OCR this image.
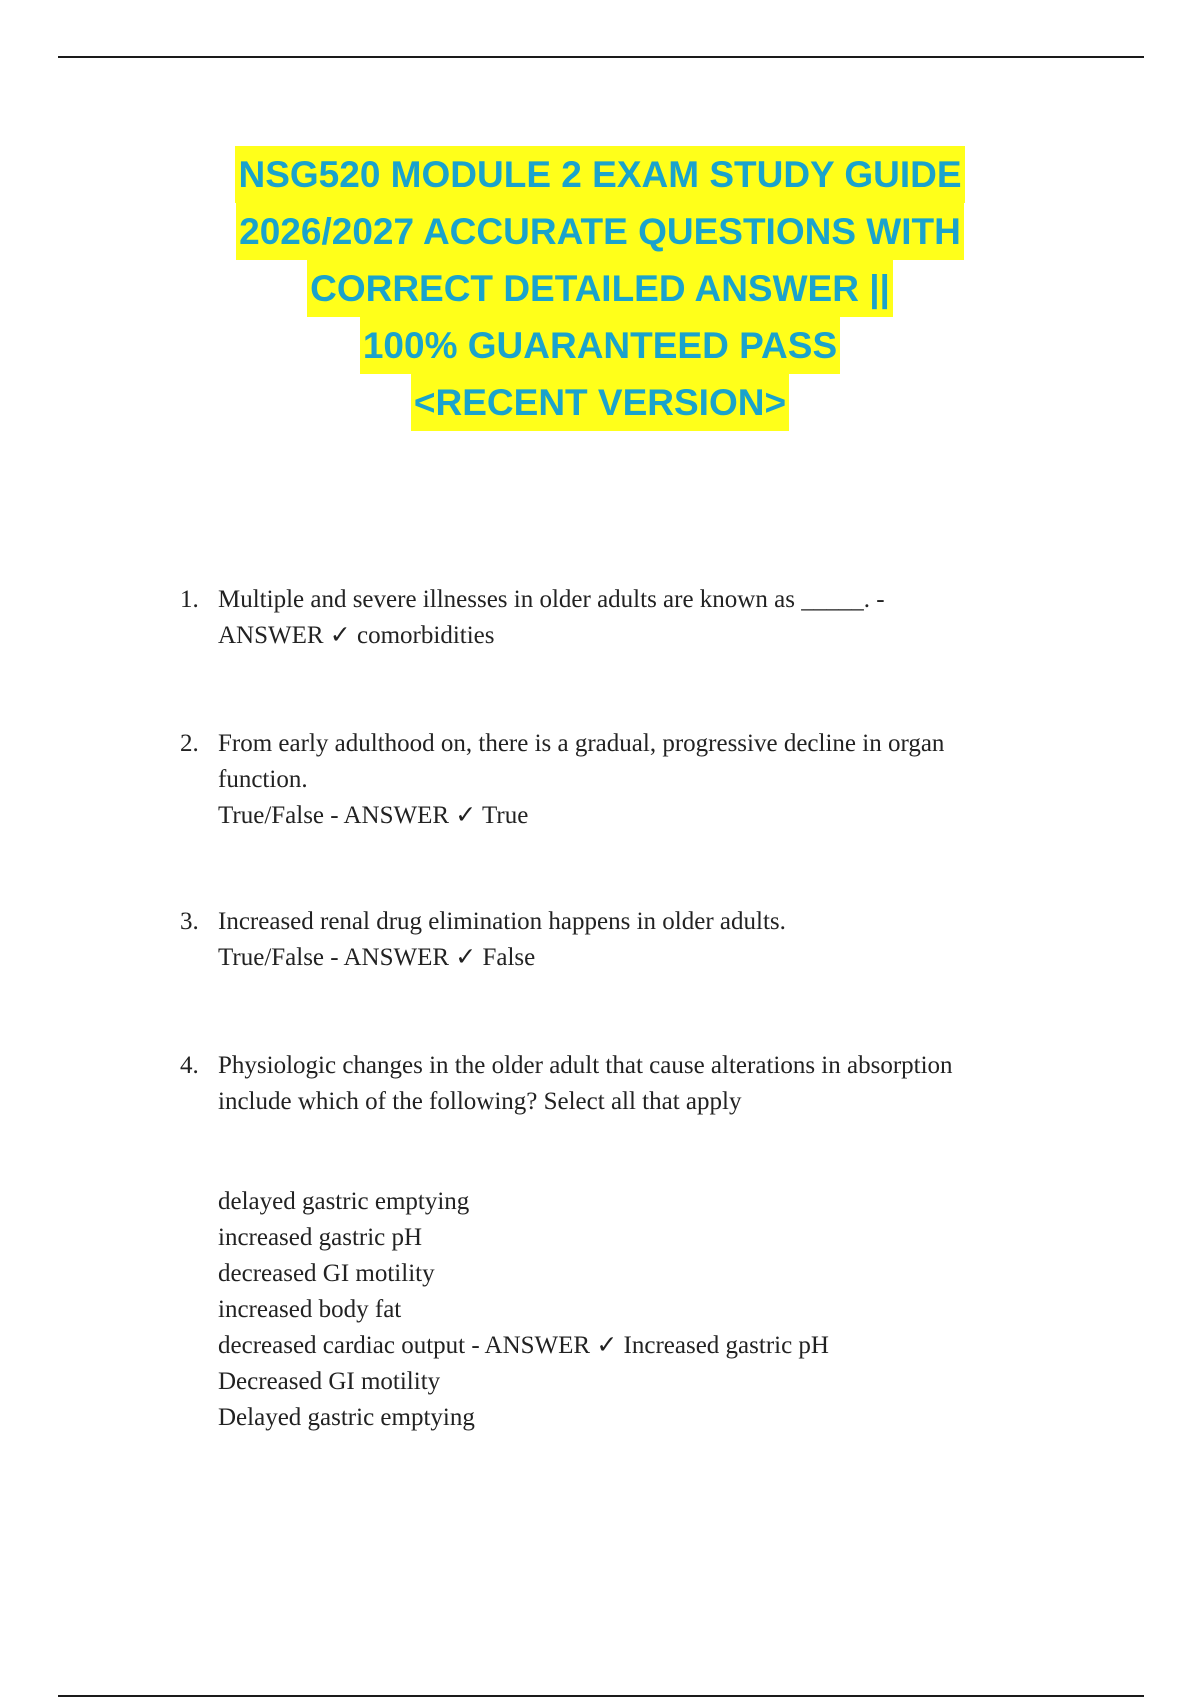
NSG520 MODULE 2 EXAM STUDY GUIDE
2026/2027 ACCURATE QUESTIONS WITH
CORRECT DETAILED ANSWER ||
100% GUARANTEED PASS
<RECENT VERSION>
1. Multiple and severe illnesses in older adults are known as _____. -
ANSWER ✓ comorbidities
2. From early adulthood on, there is a gradual, progressive decline in organ
function.
True/False - ANSWER ✓ True
3. Increased renal drug elimination happens in older adults.
True/False - ANSWER ✓ False
4. Physiologic changes in the older adult that cause alterations in absorption
include which of the following? Select all that apply
delayed gastric emptying
increased gastric pH
decreased GI motility
increased body fat
decreased cardiac output - ANSWER ✓ Increased gastric pH
Decreased GI motility
Delayed gastric emptying
